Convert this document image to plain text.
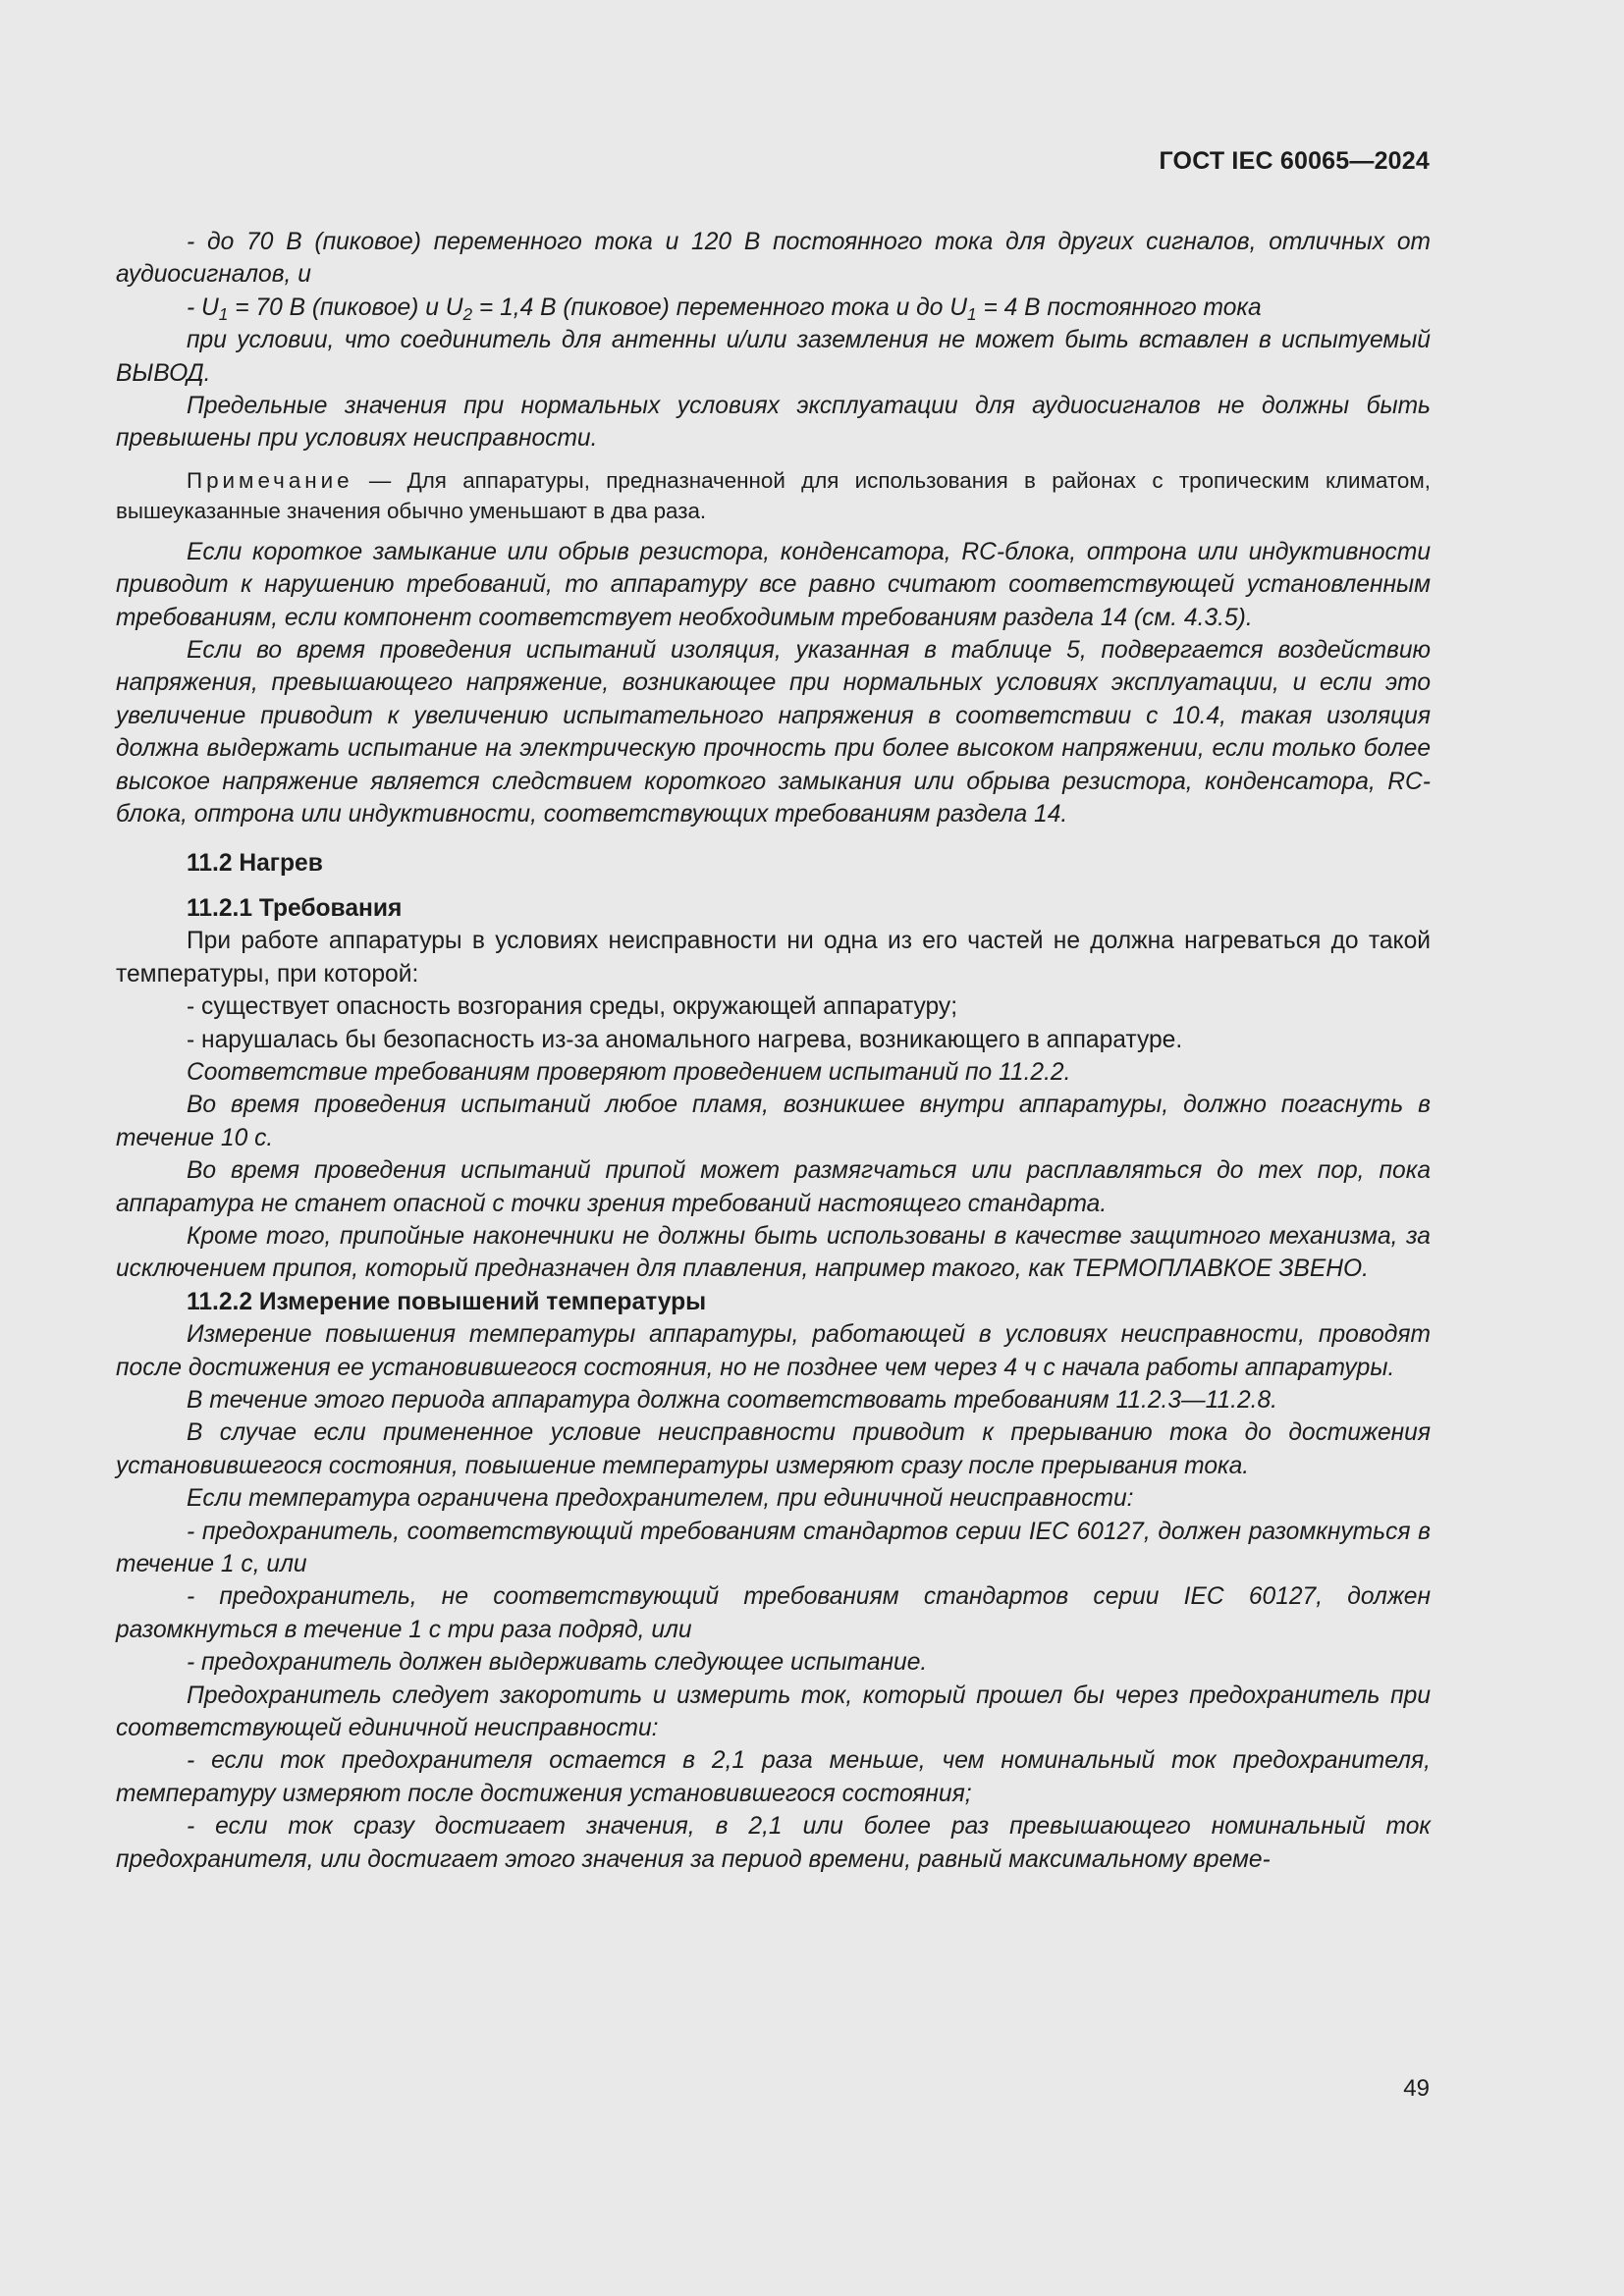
ГОСТ IEC 60065—2024

- до 70 В (пиковое) переменного тока и 120 В постоянного тока для других сигналов, отличных от аудиосигналов, и

- $U_1 = 70$ В (пиковое) и $U_2 = 1,4$ В (пиковое) переменного тока и до $U_1 = 4$ В постоянного тока

при условии, что соединитель для антенны и/или заземления не может быть вставлен в испытуемый ВЫВОД.

Предельные значения при нормальных условиях эксплуатации для аудиосигналов не должны быть превышены при условиях неисправности.

Примечание — Для аппаратуры, предназначенной для использования в районах с тропическим климатом, вышеуказанные значения обычно уменьшают в два раза.

Если короткое замыкание или обрыв резистора, конденсатора, RC-блока, оптрона или индуктивности приводит к нарушению требований, то аппаратуру все равно считают соответствующей установленным требованиям, если компонент соответствует необходимым требованиям раздела 14 (см. 4.3.5).

Если во время проведения испытаний изоляция, указанная в таблице 5, подвергается воздействию напряжения, превышающего напряжение, возникающее при нормальных условиях эксплуатации, и если это увеличение приводит к увеличению испытательного напряжения в соответствии с 10.4, такая изоляция должна выдержать испытание на электрическую прочность при более высоком напряжении, если только более высокое напряжение является следствием короткого замыкания или обрыва резистора, конденсатора, RC-блока, оптрона или индуктивности, соответствующих требованиям раздела 14.

11.2 Нагрев

11.2.1 Требования

При работе аппаратуры в условиях неисправности ни одна из его частей не должна нагреваться до такой температуры, при которой:

- существует опасность возгорания среды, окружающей аппаратуру;

- нарушалась бы безопасность из-за аномального нагрева, возникающего в аппаратуре.

Соответствие требованиям проверяют проведением испытаний по 11.2.2.

Во время проведения испытаний любое пламя, возникшее внутри аппаратуры, должно погаснуть в течение 10 с.

Во время проведения испытаний припой может размягчаться или расплавляться до тех пор, пока аппаратура не станет опасной с точки зрения требований настоящего стандарта.

Кроме того, припойные наконечники не должны быть использованы в качестве защитного механизма, за исключением припоя, который предназначен для плавления, например такого, как ТЕРМОПЛАВКОЕ ЗВЕНО.

11.2.2 Измерение повышений температуры

Измерение повышения температуры аппаратуры, работающей в условиях неисправности, проводят после достижения ее установившегося состояния, но не позднее чем через 4 ч с начала работы аппаратуры.

В течение этого периода аппаратура должна соответствовать требованиям 11.2.3—11.2.8.

В случае если примененное условие неисправности приводит к прерыванию тока до достижения установившегося состояния, повышение температуры измеряют сразу после прерывания тока.

Если температура ограничена предохранителем, при единичной неисправности:

- предохранитель, соответствующий требованиям стандартов серии IEC 60127, должен разомкнуться в течение 1 с, или

- предохранитель, не соответствующий требованиям стандартов серии IEC 60127, должен разомкнуться в течение 1 с три раза подряд, или

- предохранитель должен выдерживать следующее испытание.

Предохранитель следует закоротить и измерить ток, который прошел бы через предохранитель при соответствующей единичной неисправности:

- если ток предохранителя остается в 2,1 раза меньше, чем номинальный ток предохранителя, температуру измеряют после достижения установившегося состояния;

- если ток сразу достигает значения, в 2,1 или более раз превышающего номинальный ток предохранителя, или достигает этого значения за период времени, равный максимальному време-

49
